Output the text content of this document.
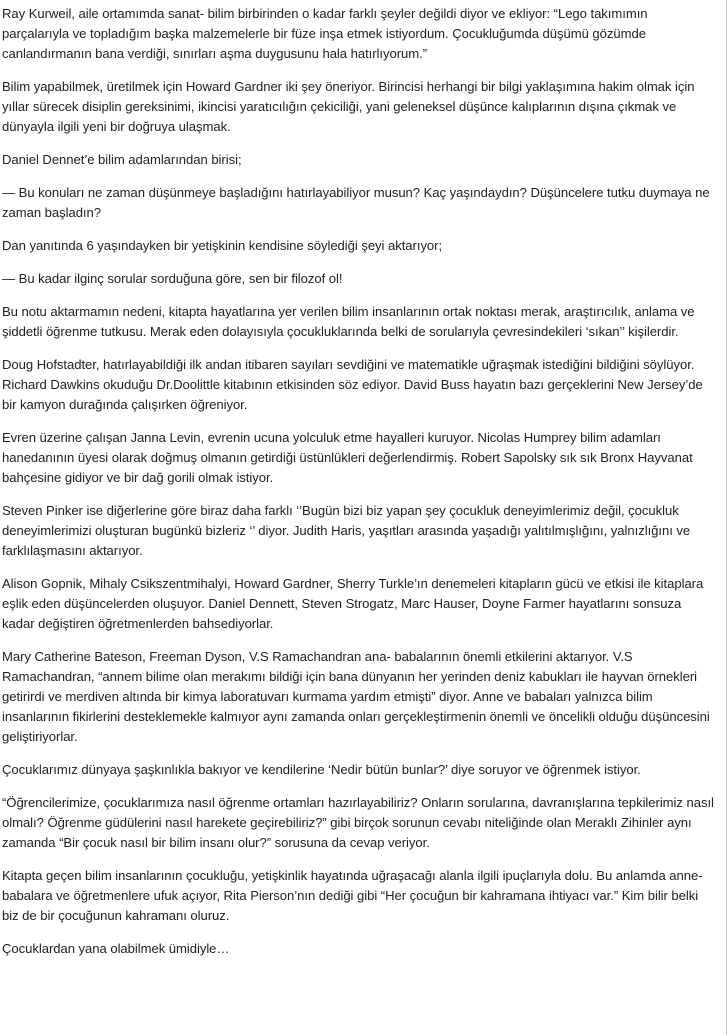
Ray Kurweil, aile ortamımda sanat- bilim birbirinden o kadar farklı şeyler değildi diyor ve ekliyor: “Lego takımımın parçalarıyla ve topladığım başka malzemelerle bir füze inşa etmek istiyordum. Çocukluğumda düşümü gözümde canlandırmanın bana verdiği, sınırları aşma duygusunu hala hatırlıyorum.”

Bilim yapabilmek, üretilmek için Howard Gardner iki şey öneriyor. Birincisi herhangi bir bilgi yaklaşımına hakim olmak için yıllar sürecek disiplin gereksinimi, ikincisi yaratıcılığın çekiciliği, yani geleneksel düşünce kalıplarının dışına çıkmak ve dünyayla ilgili yeni bir doğruya ulaşmak.

Daniel Dennet’e bilim adamlarından birisi;

— Bu konuları ne zaman düşünmeye başladığını hatırlayabiliyor musun? Kaç yaşındaydın? Düşüncelere tutku duymaya ne zaman başladın?

Dan yanıtında 6 yaşındayken bir yetişkinin kendisine söylediği şeyi aktarıyor;

— Bu kadar ilginç sorular sorduğuna göre, sen bir filozof ol!

Bu notu aktarmamın nedeni, kitapta hayatlarına yer verilen bilim insanlarının ortak noktası merak, araştırıcılık, anlama ve şiddetli öğrenme tutkusu. Merak eden dolayısıyla çocukluklarında belki de sorularıyla çevresindekileri ‘sıkan’’ kişilerdir.

Doug Hofstadter, hatırlayabildiği ilk andan itibaren sayıları sevdiğini ve matematikle uğraşmak istediğini bildiğini söylüyor. Richard Dawkins okuduğu Dr.Doolittle kitabının etkisinden söz ediyor. David Buss hayatın bazı gerçeklerini New Jersey’de bir kamyon durağında çalışırken öğreniyor.

Evren üzerine çalışan Janna Levin, evrenin ucuna yolculuk etme hayalleri kuruyor. Nicolas Humprey bilim adamları hanedanının üyesi olarak doğmuş olmanın getirdiği üstünlükleri değerlendirmiş. Robert Sapolsky sık sık Bronx Hayvanat bahçesine gidiyor ve bir dağ gorili olmak istiyor.

Steven Pinker ise diğerlerine göre biraz daha farklı ‘’Bugün bizi biz yapan şey çocukluk deneyimlerimiz değil, çocukluk deneyimlerimizi oluşturan bugünkü bizleriz ‘’ diyor. Judith Haris, yaşıtları arasında yaşadığı yalıtılmışlığını, yalnızlığını ve farklılaşmasını aktarıyor.

Alison Gopnik, Mihaly Csikszentmihalyi, Howard Gardner, Sherry Turkle’ın denemeleri kitapların gücü ve etkisi ile kitaplara eşlik eden düşüncelerden oluşuyor. Daniel Dennett, Steven Strogatz, Marc Hauser, Doyne Farmer hayatlarını sonsuza kadar değiştiren öğretmenlerden bahsediyorlar.

Mary Catherine Bateson, Freeman Dyson, V.S Ramachandran ana- babalarının önemli etkilerini aktarıyor. V.S Ramachandran, “annem bilime olan merakımı bildiği için bana dünyanın her yerinden deniz kabukları ile hayvan örnekleri getirirdi ve merdiven altında bir kimya laboratuvarı kurmama yardım etmişti” diyor. Anne ve babaları yalnızca bilim insanlarının fikirlerini desteklemekle kalmıyor aynı zamanda onları gerçekleştirmenin önemli ve öncelikli olduğu düşüncesini geliştiriyorlar.

Çocuklarımız dünyaya şaşkınlıkla bakıyor ve kendilerine ‘Nedir bütün bunlar?’ diye soruyor ve öğrenmek istiyor.

“Öğrencilerimize, çocuklarımıza nasıl öğrenme ortamları hazırlayabiliriz? Onların sorularına, davranışlarına tepkilerimiz nasıl olmalı? Öğrenme güdülerini nasıl harekete geçirebiliriz?” gibi birçok sorunun cevabı niteliğinde olan Meraklı Zihinler aynı zamanda “Bir çocuk nasıl bir bilim insanı olur?” sorusuna da cevap veriyor.

Kitapta geçen bilim insanlarının çocukluğu, yetişkinlik hayatında uğraşacağı alanla ilgili ipuçlarıyla dolu. Bu anlamda anne-babalara ve öğretmenlere ufuk açıyor, Rita Pierson’nın dediği gibi “Her çocuğun bir kahramana ihtiyacı var.” Kim bilir belki biz de bir çocuğunun kahramanı oluruz.

Çocuklardan yana olabilmek ümidiyle…
